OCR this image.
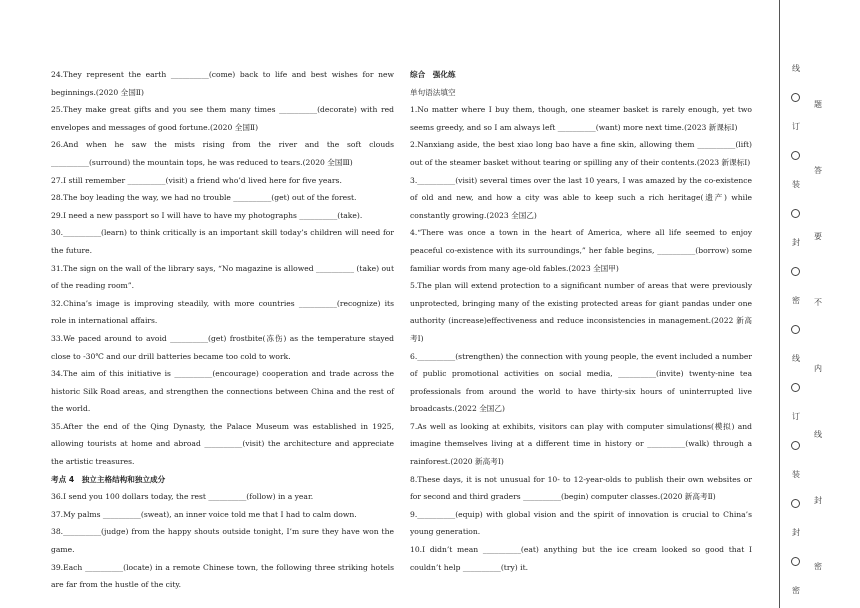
24.They represent the earth __________(come) back to life and best wishes for new beginnings.(2020 全国Ⅱ)

25.They make great gifts and you see them many times __________(decorate) with red envelopes and messages of good fortune.(2020 全国Ⅱ)

26.And when he saw the mists rising from the river and the soft clouds __________(surround) the mountain tops, he was reduced to tears.(2020 全国Ⅲ)

27.I still remember __________(visit) a friend who’d lived here for five years.

28.The boy leading the way, we had no trouble __________(get) out of the forest.

29.I need a new passport so I will have to have my photographs __________(take).

30.__________(learn) to think critically is an important skill today’s children will need for the future.

31.The sign on the wall of the library says, “No magazine is allowed __________ (take) out of the reading room”.

32.China’s image is improving steadily, with more countries __________(recognize) its role in international affairs.

33.We paced around to avoid __________(get) frostbite(冻伤) as the temperature stayed close to -30℃ and our drill batteries became too cold to work.

34.The aim of this initiative is __________(encourage) cooperation and trade across the historic Silk Road areas, and strengthen the connections between China and the rest of the world.

35.After the end of the Qing Dynasty, the Palace Museum was established in 1925, allowing tourists at home and abroad __________(visit) the architecture and appreciate the artistic treasures.

考点 4　独立主格结构和独立成分

36.I send you 100 dollars today, the rest __________(follow) in a year.

37.My palms __________(sweat), an inner voice told me that I had to calm down.

38.__________(judge) from the happy shouts outside tonight, I’m sure they have won the game.

39.Each __________(locate) in a remote Chinese town, the following three striking hotels are far from the hustle of the city.

综合　强化练

单句语法填空

1.No matter where I buy them, though, one steamer basket is rarely enough, yet two seems greedy, and so I am always left __________(want) more next time.(2023 新课标Ⅰ)

2.Nanxiang aside, the best xiao long bao have a fine skin, allowing them __________(lift) out of the steamer basket without tearing or spilling any of their contents.(2023 新课标Ⅰ)

3.__________(visit) several times over the last 10 years, I was amazed by the co-existence of old and new, and how a city was able to keep such a rich heritage(遗产) while constantly growing.(2023 全国乙)

4.“There was once a town in the heart of America, where all life seemed to enjoy peaceful co-existence with its surroundings,” her fable begins, __________(borrow) some familiar words from many age-old fables.(2023 全国甲)

5.The plan will extend protection to a significant number of areas that were previously unprotected, bringing many of the existing protected areas for giant pandas under one authority (increase)effectiveness and reduce inconsistencies in management.(2022 新高考Ⅰ)

6.__________(strengthen) the connection with young people, the event included a number of public promotional activities on social media, __________(invite) twenty-nine tea professionals from around the world to have thirty-six hours of uninterrupted live broadcasts.(2022 全国乙)

7.As well as looking at exhibits, visitors can play with computer simulations(模拟) and imagine themselves living at a different time in history or __________(walk) through a rainforest.(2020 新高考Ⅰ)

8.These days, it is not unusual for 10- to 12-year-olds to publish their own websites or for second and third graders __________(begin) computer classes.(2020 新高考Ⅱ)

9.__________(equip) with global vision and the spirit of innovation is crucial to China’s young generation.

10.I didn’t mean __________(eat) anything but the ice cream looked so good that I couldn’t help __________(try) it.

线
订
装
封
密
线
订
装
封
密
题
答
要
不
内
线
封
密
